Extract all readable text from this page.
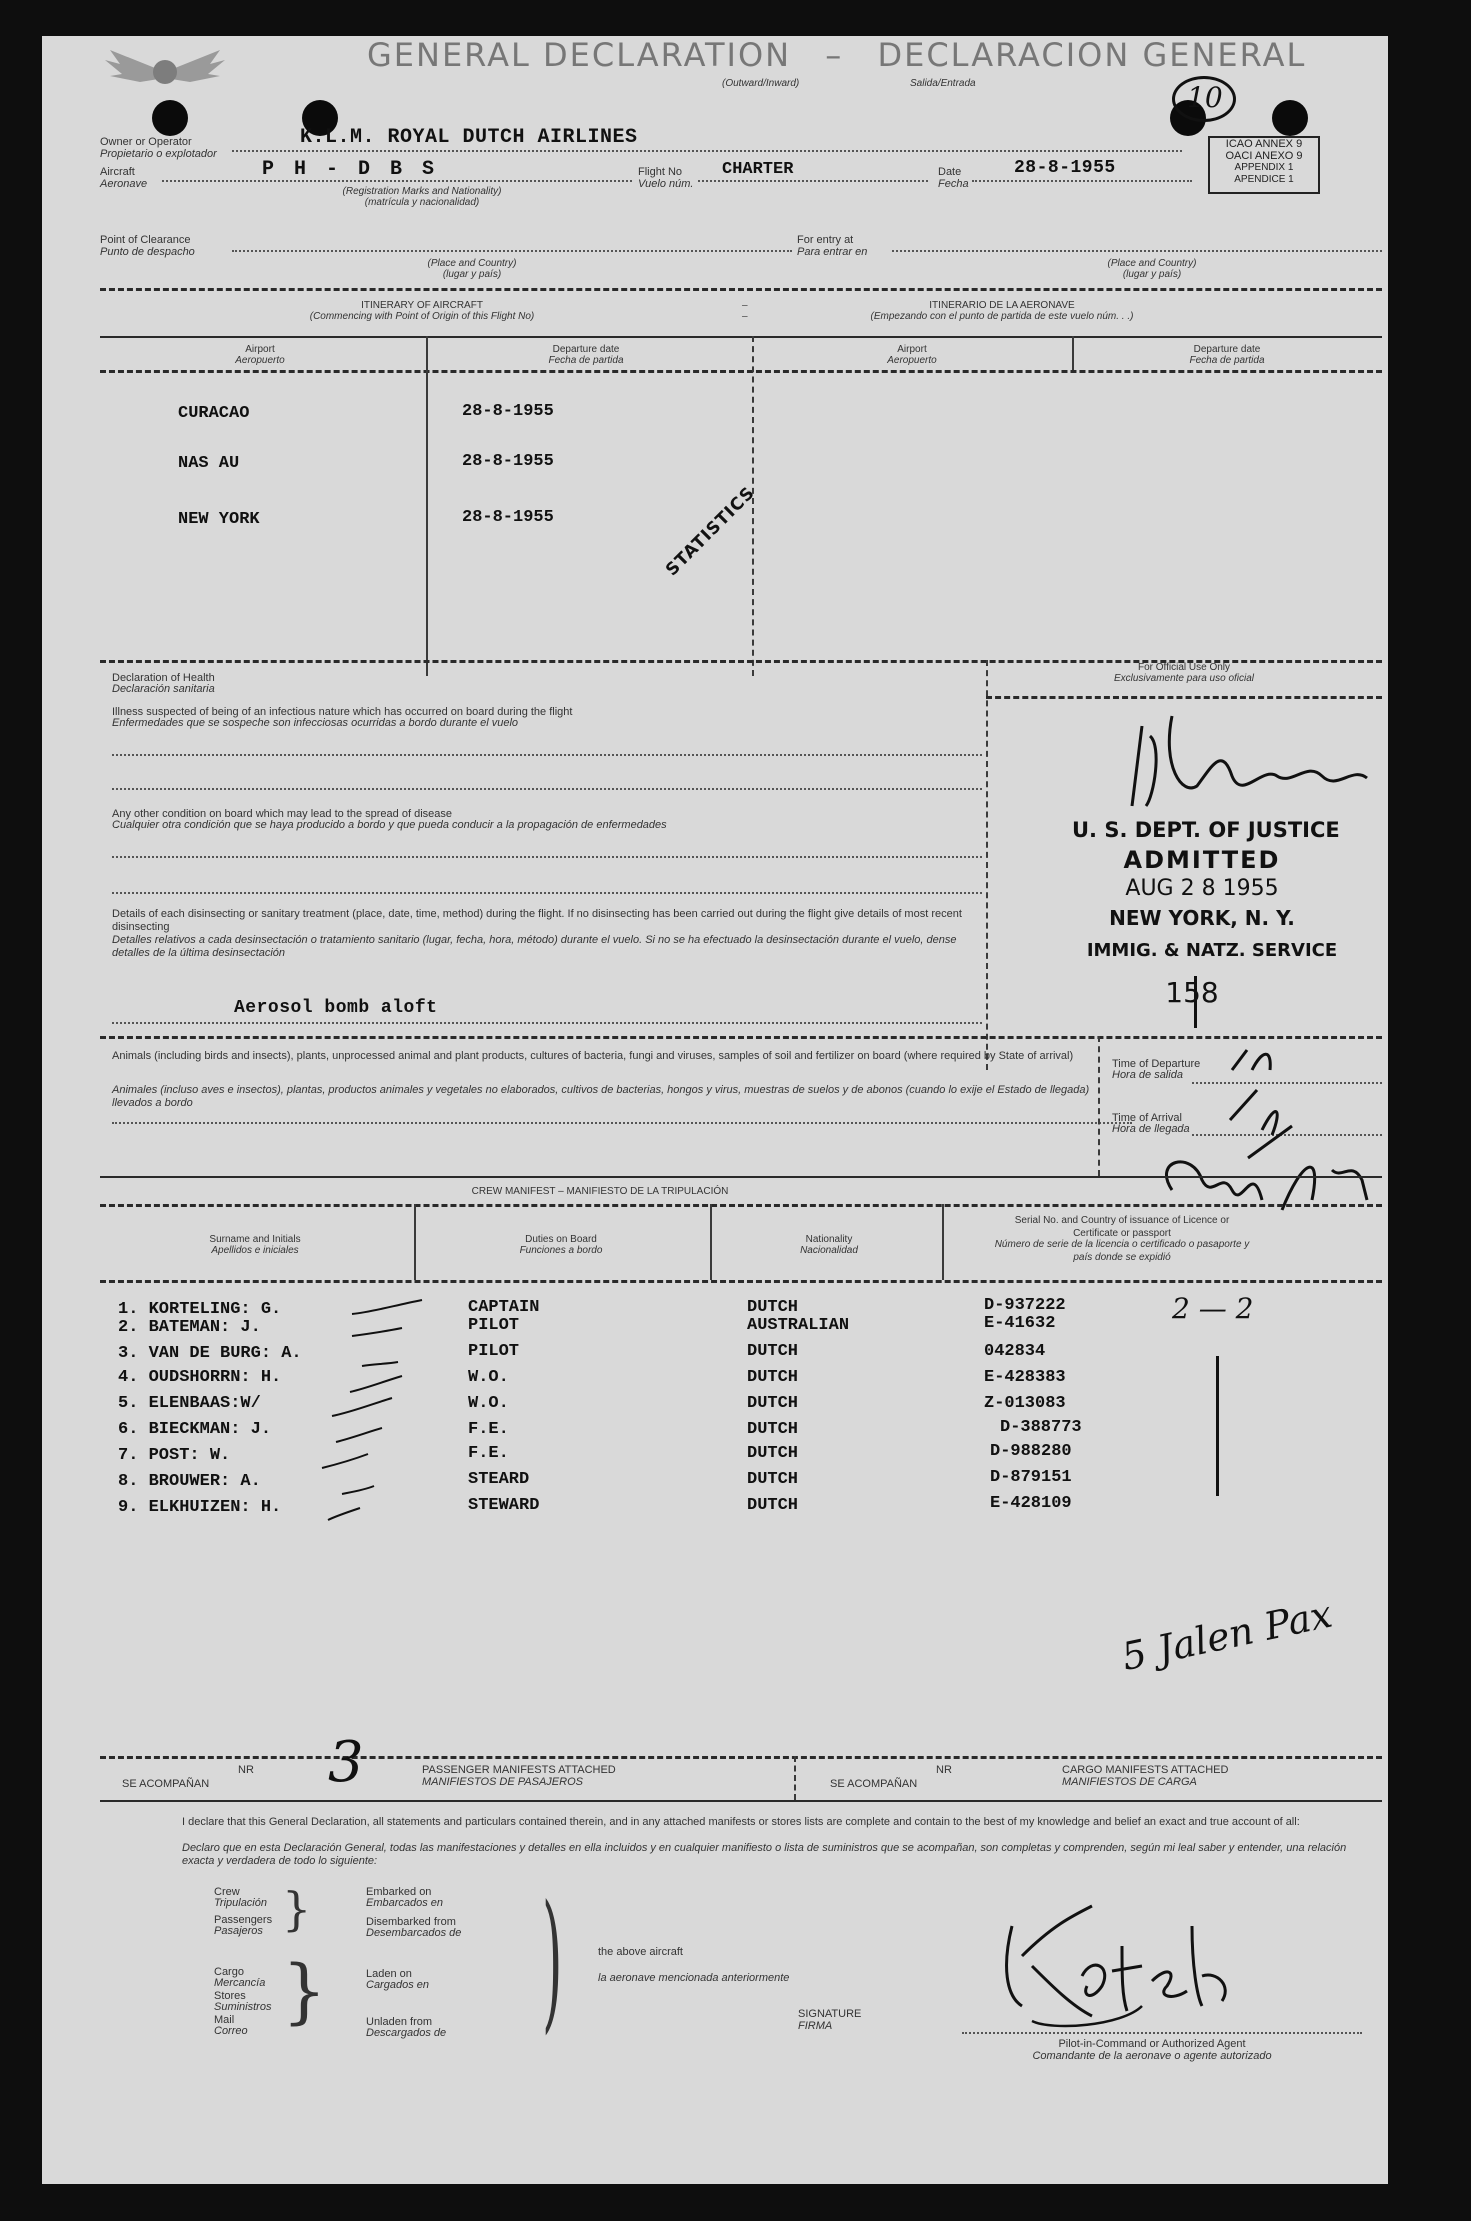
GENERAL DECLARATION – DECLARACION GENERAL
(Outward/Inward)	Salida/Entrada	10
ICAO ANNEX 9
OACI ANEXO 9
APPENDIX 1
APENDICE 1
Owner or Operator
Propietario o explotador
K.L.M. ROYAL DUTCH AIRLINES
Aircraft
Aeronave
P H - D B S
(Registration Marks and Nationality)
(matrícula y nacionalidad)
Flight No
Vuelo núm.
CHARTER	Date
Fecha
28-8-1955
Point of Clearance
Punto de despacho
(Place and Country)
(lugar y país)
For entry at
Para entrar en
(Place and Country)
(lugar y país)
ITINERARY OF AIRCRAFT
(Commencing with Point of Origin of this Flight No)
–
–
ITINERARIO DE LA AERONAVE
(Empezando con el punto de partida de este vuelo núm. . .)
Airport
Aeropuerto
Departure date
Fecha de partida
Airport
Aeropuerto
Departure date
Fecha de partida
CURACAO	28-8-1955
NAS AU	28-8-1955
NEW YORK	28-8-1955	STATISTICS
Declaration of Health
Declaración sanitaria
Illness suspected of being of an infectious nature which has occurred on board during the flight
Enfermedades que se sospeche son infecciosas ocurridas a bordo durante el vuelo
Any other condition on board which may lead to the spread of disease
Cualquier otra condición que se haya producido a bordo y que pueda conducir a la propagación de enfermedades
Details of each disinsecting or sanitary treatment (place, date, time, method) during the flight. If no disinsecting has been carried out during the flight give details of most recent disinsecting
Detalles relativos a cada desinsectación o tratamiento sanitario (lugar, fecha, hora, método) durante el vuelo. Si no se ha efectuado la desinsectación durante el vuelo, dense detalles de la última desinsectación
Aerosol bomb aloft
For Official Use Only
Exclusivamente para uso oficial
U. S. DEPT. OF JUSTICE
ADMITTED
AUG 2 8 1955
NEW YORK, N. Y.
IMMIG. & NATZ. SERVICE
158
Animals (including birds and insects), plants, unprocessed animal and plant products, cultures of bacteria, fungi and viruses, samples of soil and fertilizer on board (where required by State of arrival)
Animales (incluso aves e insectos), plantas, productos animales y vegetales no elaborados, cultivos de bacterias, hongos y virus, muestras de suelos y de abonos (cuando lo exije el Estado de llegada) llevados a bordo
Time of Departure
Hora de salida
Time of Arrival
Hora de llegada
CREW MANIFEST – MANIFIESTO DE LA TRIPULACIÓN
Surname and Initials
Apellidos e iniciales
Duties on Board
Funciones a bordo
Nationality
Nacionalidad
Serial No. and Country of issuance of Licence or Certificate or passport
Número de serie de la licencia o certificado o pasaporte y país donde se expidió
1. KORTELING: G.	CAPTAIN	DUTCH	D-937222
2. BATEMAN: J.	PILOT	AUSTRALIAN	E-41632
3. VAN DE BURG: A.	PILOT	DUTCH	042834
4. OUDSHORRN: H.	W.O.	DUTCH	E-428383
5. ELENBAAS:W/	W.O.	DUTCH	Z-013083
6. BIECKMAN: J.	F.E.	DUTCH	D-388773
7. POST: W.	F.E.	DUTCH	D-988280
8. BROUWER: A.	STEARD	DUTCH	D-879151
9. ELKHUIZEN: H.	STEWARD	DUTCH	E-428109
2 — 2
5 Jalen Pax
NR
SE ACOMPAÑAN 3	PASSENGER MANIFESTS ATTACHED
MANIFIESTOS DE PASAJEROS
NR
SE ACOMPAÑAN
CARGO MANIFESTS ATTACHED
MANIFIESTOS DE CARGA
I declare that this General Declaration, all statements and particulars contained therein, and in any attached manifests or stores lists are complete and contain to the best of my knowledge and belief an exact and true account of all:
Declaro que en esta Declaración General, todas las manifestaciones y detalles en ella incluidos y en cualquier manifiesto o lista de suministros que se acompañan, son completas y comprenden, según mi leal saber y entender, una relación exacta y verdadera de todo lo siguiente:
Crew
Tripulación
Passengers
Pasajeros }
Cargo
Mercancía
Stores
Suministros
Mail
Correo }
Embarked on
Embarcados en
Disembarked from
Desembarcados de
Laden on
Cargados en
Unladen from
Descargados de )	the above aircraft
la aeronave mencionada anteriormente
SIGNATURE
FIRMA
Pilot-in-Command or Authorized Agent
Comandante de la aeronave o agente autorizado
